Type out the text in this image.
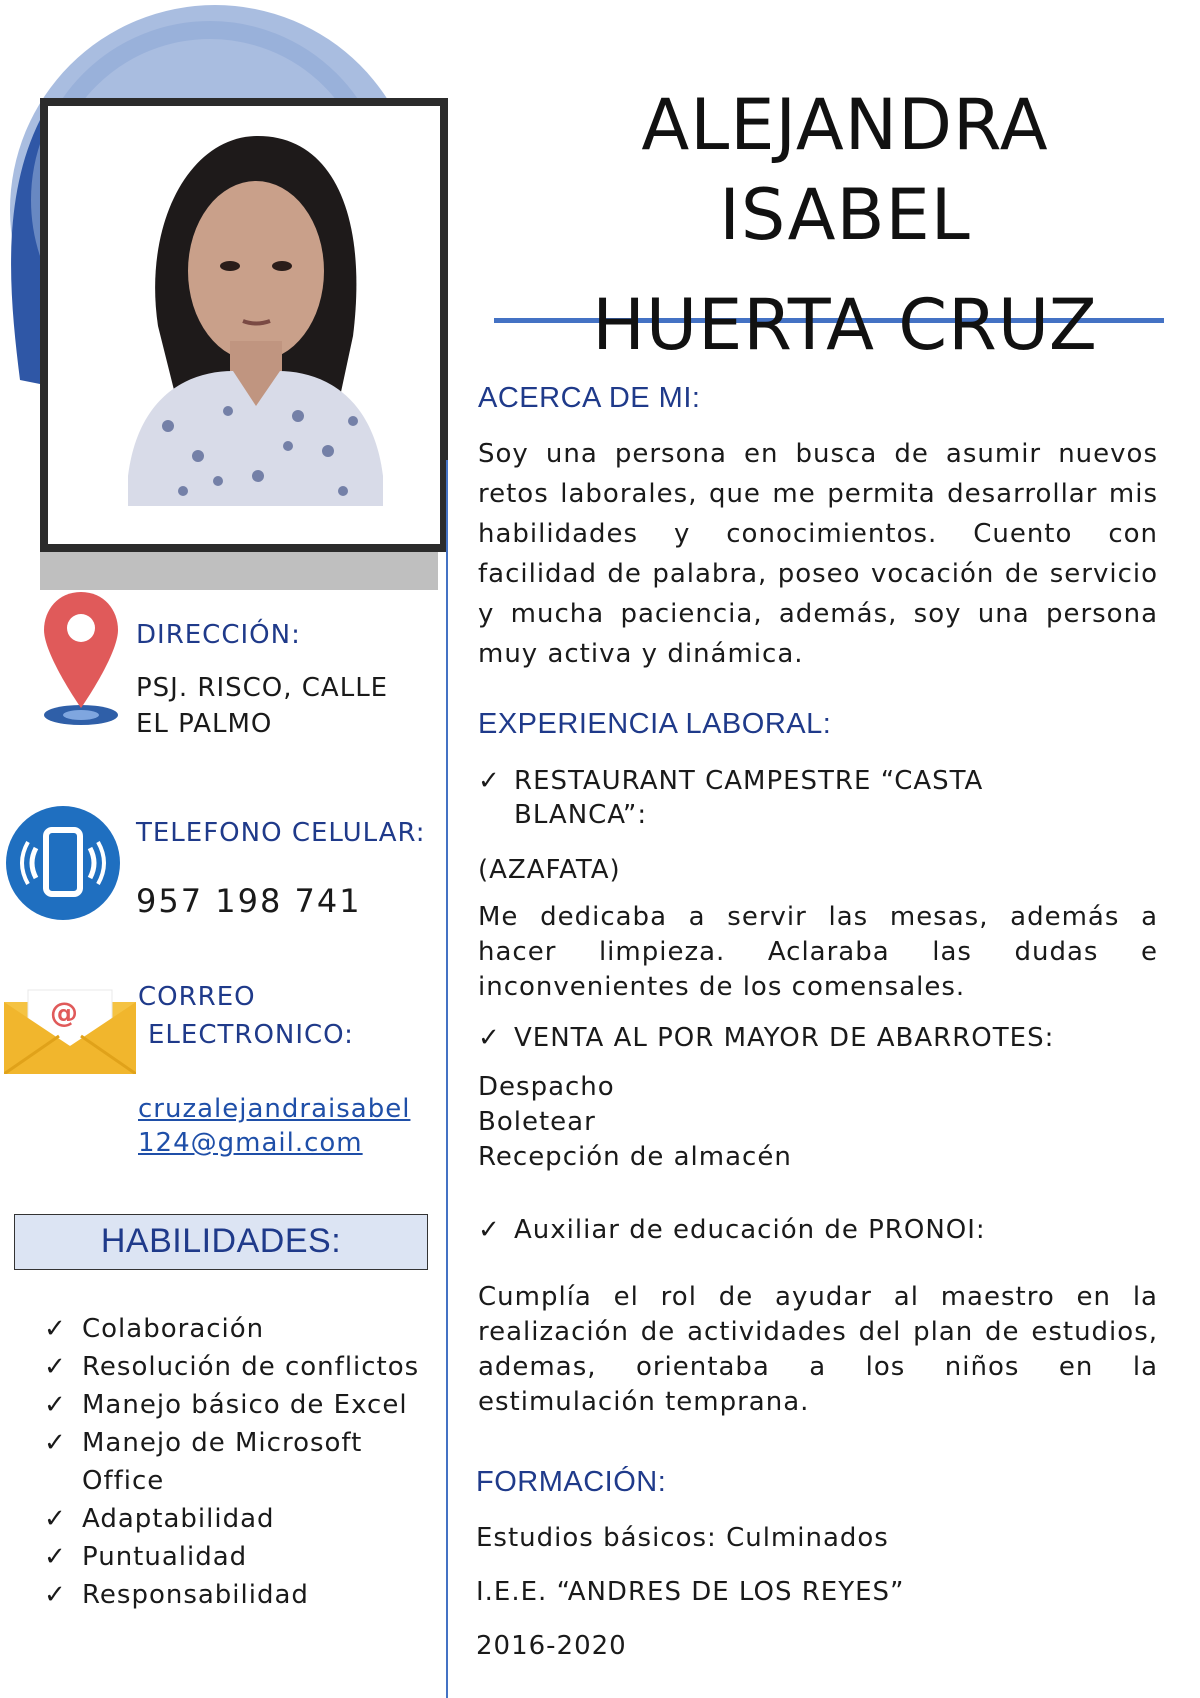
ALEJANDRA
ISABEL
HUERTA CRUZ
DIRECCIÓN:
PSJ. RISCO, CALLE
EL PALMO
TELEFONO CELULAR:
957 198 741
@ CORREO
ELECTRONICO:
cruzalejandraisabel
124@gmail.com
HABILIDADES:
✓ Colaboración
✓ Resolución de conflictos
✓ Manejo básico de Excel
✓ Manejo de Microsoft Office
✓ Adaptabilidad
✓ Puntualidad
✓ Responsabilidad
ACERCA DE MI:
Soy una persona en busca de asumir nuevos retos laborales, que me permita desarrollar mis habilidades y conocimientos. Cuento con facilidad de palabra, poseo vocación de servicio y mucha paciencia, además, soy una persona muy activa y dinámica.
EXPERIENCIA LABORAL:
✓ RESTAURANT CAMPESTRE “CASTA BLANCA”:
(AZAFATA)
Me dedicaba a servir las mesas, además a hacer limpieza. Aclaraba las dudas e inconvenientes de los comensales.
✓ VENTA AL POR MAYOR DE ABARROTES:
Despacho
Boletear
Recepción de almacén
✓ Auxiliar de educación de PRONOI:
Cumplía el rol de ayudar al maestro en la realización de actividades del plan de estudios, ademas, orientaba a los niños en la estimulación temprana.
FORMACIÓN:
Estudios básicos: Culminados
I.E.E. “ANDRES DE LOS REYES”
2016-2020
